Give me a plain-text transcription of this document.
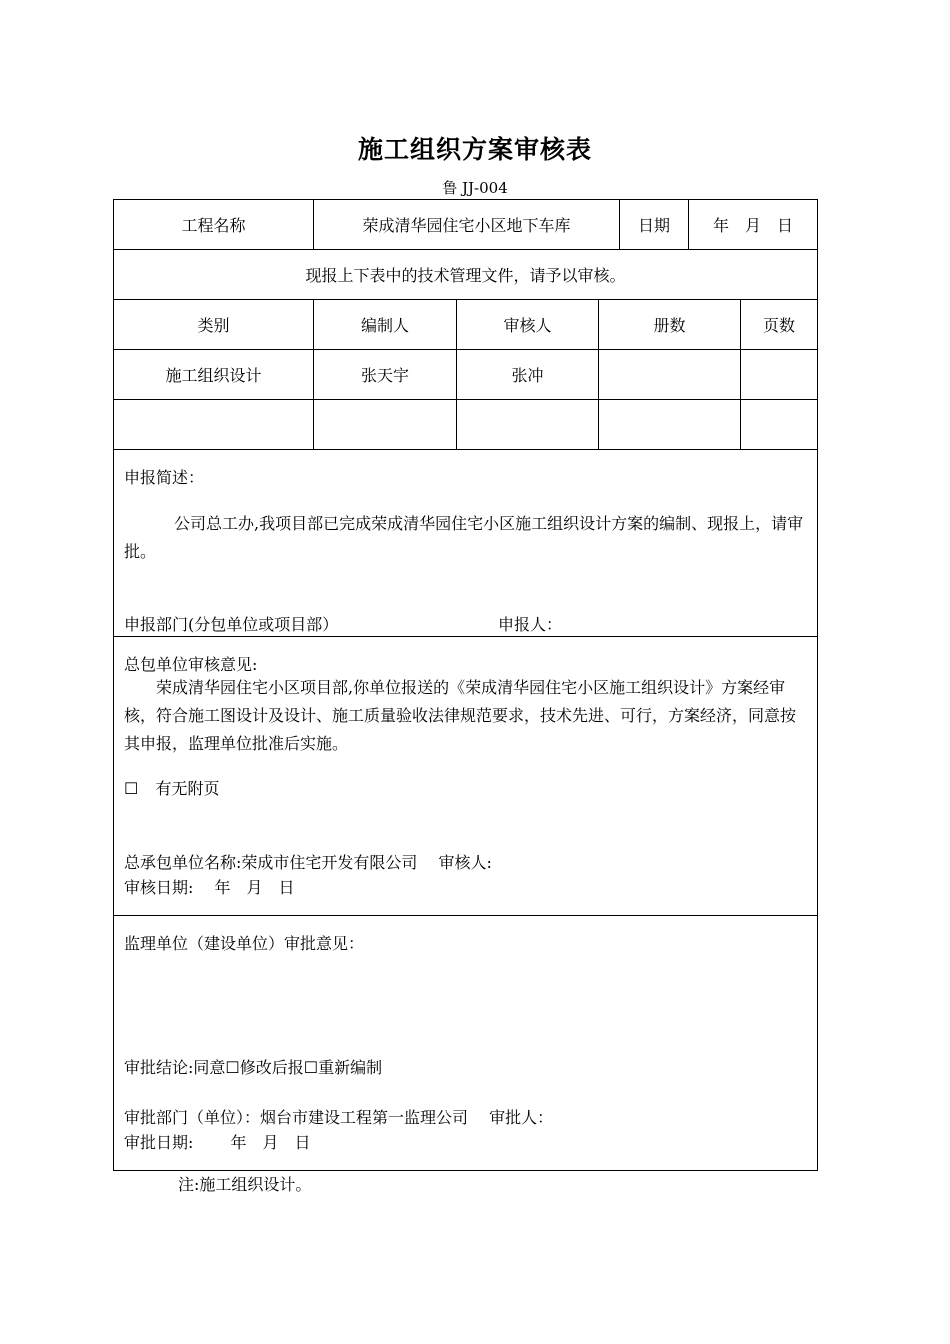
施工组织方案审核表
鲁 JJ-004
工程名称	荣成清华园住宅小区地下车库	日期	年　月　日
现报上下表中的技术管理文件，请予以审核。
类别	编制人	审核人	册数	页数
施工组织设计	张天宇	张冲
申报简述：
公司总工办,我项目部已完成荣成清华园住宅小区施工组织设计方案的编制、现报上，请审批。
申报部门(分包单位或项目部）	申报人：
总包单位审核意见:
荣成清华园住宅小区项目部,你单位报送的《荣成清华园住宅小区施工组织设计》方案经审核，符合施工图设计及设计、施工质量验收法律规范要求，技术先进、可行，方案经济，同意按其申报，监理单位批准后实施。
☐ 有无附页
总承包单位名称:荣成市住宅开发有限公司　 审核人:
审核日期:　 年　月　日
监理单位（建设单位）审批意见：
审批结论:同意☐修改后报☐重新编制
审批部门（单位）：烟台市建设工程第一监理公司　 审批人：
审批日期:　　 年　月　日
注:施工组织设计。
